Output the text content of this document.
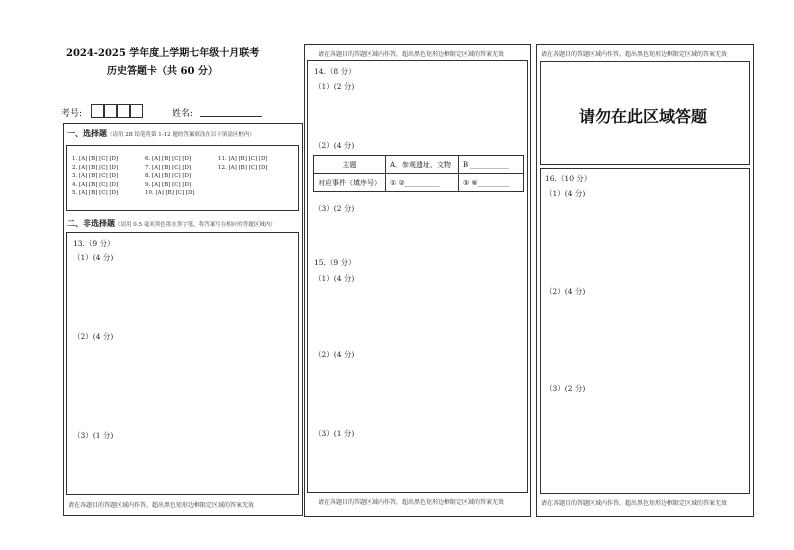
2024-2025 学年度上学期七年级十月联考
历史答题卡（共 60 分）
考号:	姓名:
一、选择题（请用 2B 铅笔将第 1-12 题的答案填涂在以下填涂区框内）
1. [A] [B] [C] [D]
2. [A] [B] [C] [D]
3. [A] [B] [C] [D]
4. [A] [B] [C] [D]
5. [A] [B] [C] [D]
6. [A] [B] [C] [D]
7. [A] [B] [C] [D]
8. [A] [B] [C] [D]
9. [A] [B] [C] [D]
10. [A] [B] [C] [D]
11. [A] [B] [C] [D]
12. [A] [B] [C] [D]
二、非选择题（请用 0.5 毫米黑色墨水签字笔，将答案写在相应的答题区域内）
13.（9 分）
（1）(4 分)
（2）(4 分)
（3）(1 分)
请在各题目的答题区域内作答，超出黑色矩形边框限定区域的答案无效
请在各题目的答题区域内作答，超出黑色矩形边框限定区域的答案无效
14.（8 分）
（1）(2 分)
（2）(4 分)
主题	A．参观遗址、文物	B ___________
对应事件（填序号）	① ②__________	⑤ ⑥_________
（3）(2 分)
15.（9 分）
（1）(4 分)
（2）(4 分)
（3）(1 分)
请在各题目的答题区域内作答，超出黑色矩形边框限定区域的答案无效
请在各题目的答题区域内作答，超出黑色矩形边框限定区域的答案无效
请勿在此区域答题
16.（10 分）
（1）(4 分)
（2）(4 分)
（3）(2 分)
请在各题目的答题区域内作答，超出黑色矩形边框限定区域的答案无效
